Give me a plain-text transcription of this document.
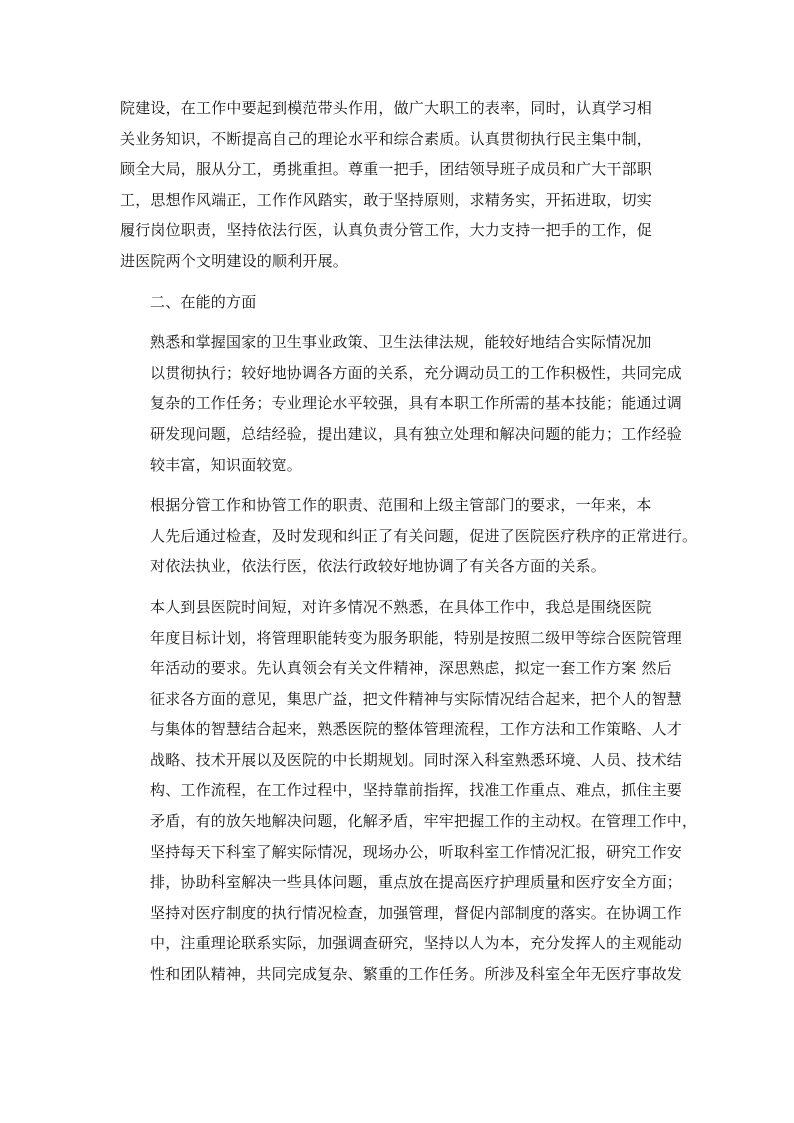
院建设，在工作中要起到模范带头作用，做广大职工的表率，同时，认真学习相
关业务知识，不断提高自己的理论水平和综合素质。认真贯彻执行民主集中制，
顾全大局，服从分工，勇挑重担。尊重一把手，团结领导班子成员和广大干部职
工，思想作风端正，工作作风踏实，敢于坚持原则，求精务实，开拓进取，切实
履行岗位职责，坚持依法行医，认真负责分管工作，大力支持一把手的工作，促
进医院两个文明建设的顺利开展。

二、在能的方面

熟悉和掌握国家的卫生事业政策、卫生法律法规，能较好地结合实际情况加
以贯彻执行；较好地协调各方面的关系，充分调动员工的工作积极性，共同完成
复杂的工作任务；专业理论水平较强，具有本职工作所需的基本技能；能通过调
研发现问题，总结经验，提出建议，具有独立处理和解决问题的能力；工作经验
较丰富，知识面较宽。

根据分管工作和协管工作的职责、范围和上级主管部门的要求，一年来，本
人先后通过检查，及时发现和纠正了有关问题，促进了医院医疗秩序的正常进行。
对依法执业，依法行医，依法行政较好地协调了有关各方面的关系。

本人到县医院时间短，对许多情况不熟悉，在具体工作中，我总是围绕医院
年度目标计划，将管理职能转变为服务职能，特别是按照二级甲等综合医院管理
年活动的要求。先认真领会有关文件精神，深思熟虑，拟定一套工作方案 然后
征求各方面的意见，集思广益，把文件精神与实际情况结合起来，把个人的智慧
与集体的智慧结合起来，熟悉医院的整体管理流程，工作方法和工作策略、人才
战略、技术开展以及医院的中长期规划。同时深入科室熟悉环境、人员、技术结
构、工作流程，在工作过程中，坚持靠前指挥，找准工作重点、难点，抓住主要
矛盾，有的放矢地解决问题，化解矛盾，牢牢把握工作的主动权。在管理工作中，
坚持每天下科室了解实际情况，现场办公，听取科室工作情况汇报，研究工作安
排，协助科室解决一些具体问题，重点放在提高医疗护理质量和医疗安全方面；
坚持对医疗制度的执行情况检查，加强管理，督促内部制度的落实。在协调工作
中，注重理论联系实际，加强调查研究，坚持以人为本，充分发挥人的主观能动
性和团队精神，共同完成复杂、繁重的工作任务。所涉及科室全年无医疗事故发
